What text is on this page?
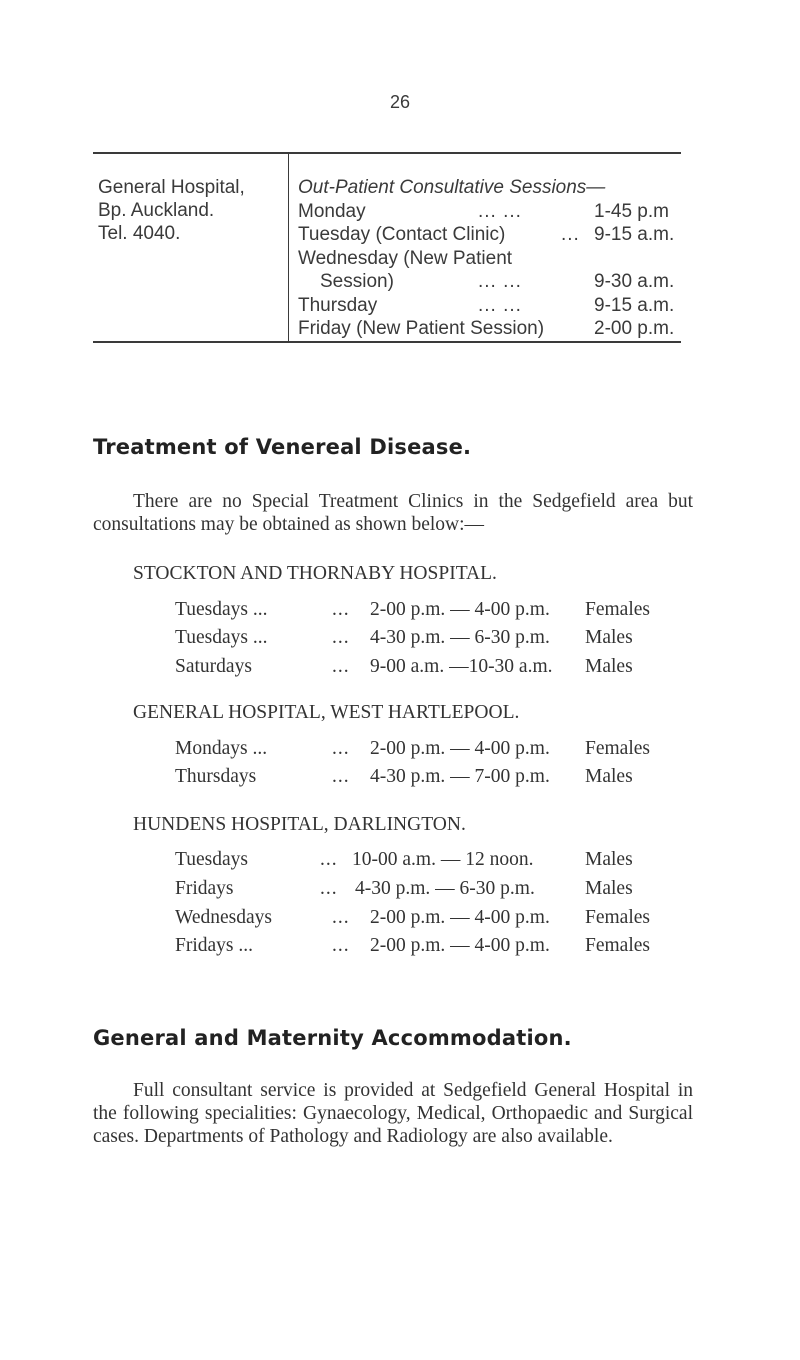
26
General Hospital,
Bp. Auckland.
Tel. 4040.
Out-Patient Consultative Sessions—
Monday	... ...	1-45 p.m
Tuesday (Contact Clinic)	... 9-15 a.m.
Wednesday (New Patient
Session)	... ...	9-30 a.m.
Thursday	... ...	9-15 a.m.
Friday (New Patient Session)	2-00 p.m.
Treatment of Venereal Disease.
There are no Special Treatment Clinics in the Sedgefield area but consultations may be obtained as shown below:—
STOCKTON AND THORNABY HOSPITAL.
Tuesdays ...	... 2-00 p.m. — 4-00 p.m. Females
Tuesdays ...	... 4-30 p.m. — 6-30 p.m. Males
Saturdays	... 9-00 a.m. —10-30 a.m. Males
GENERAL HOSPITAL, WEST HARTLEPOOL.
Mondays ...	... 2-00 p.m. — 4-00 p.m. Females
Thursdays	... 4-30 p.m. — 7-00 p.m. Males
HUNDENS HOSPITAL, DARLINGTON.
Tuesdays	... 10-00 a.m. — 12 noon.	Males
Fridays	... 4-30 p.m. — 6-30 p.m.	Males
Wednesdays	... 2-00 p.m. — 4-00 p.m. Females
Fridays ...	... 2-00 p.m. — 4-00 p.m. Females
General and Maternity Accommodation.
Full consultant service is provided at Sedgefield General Hospital in the following specialities: Gynaecology, Medical, Orthopaedic and Surgical cases. Departments of Pathology and Radiology are also available.
